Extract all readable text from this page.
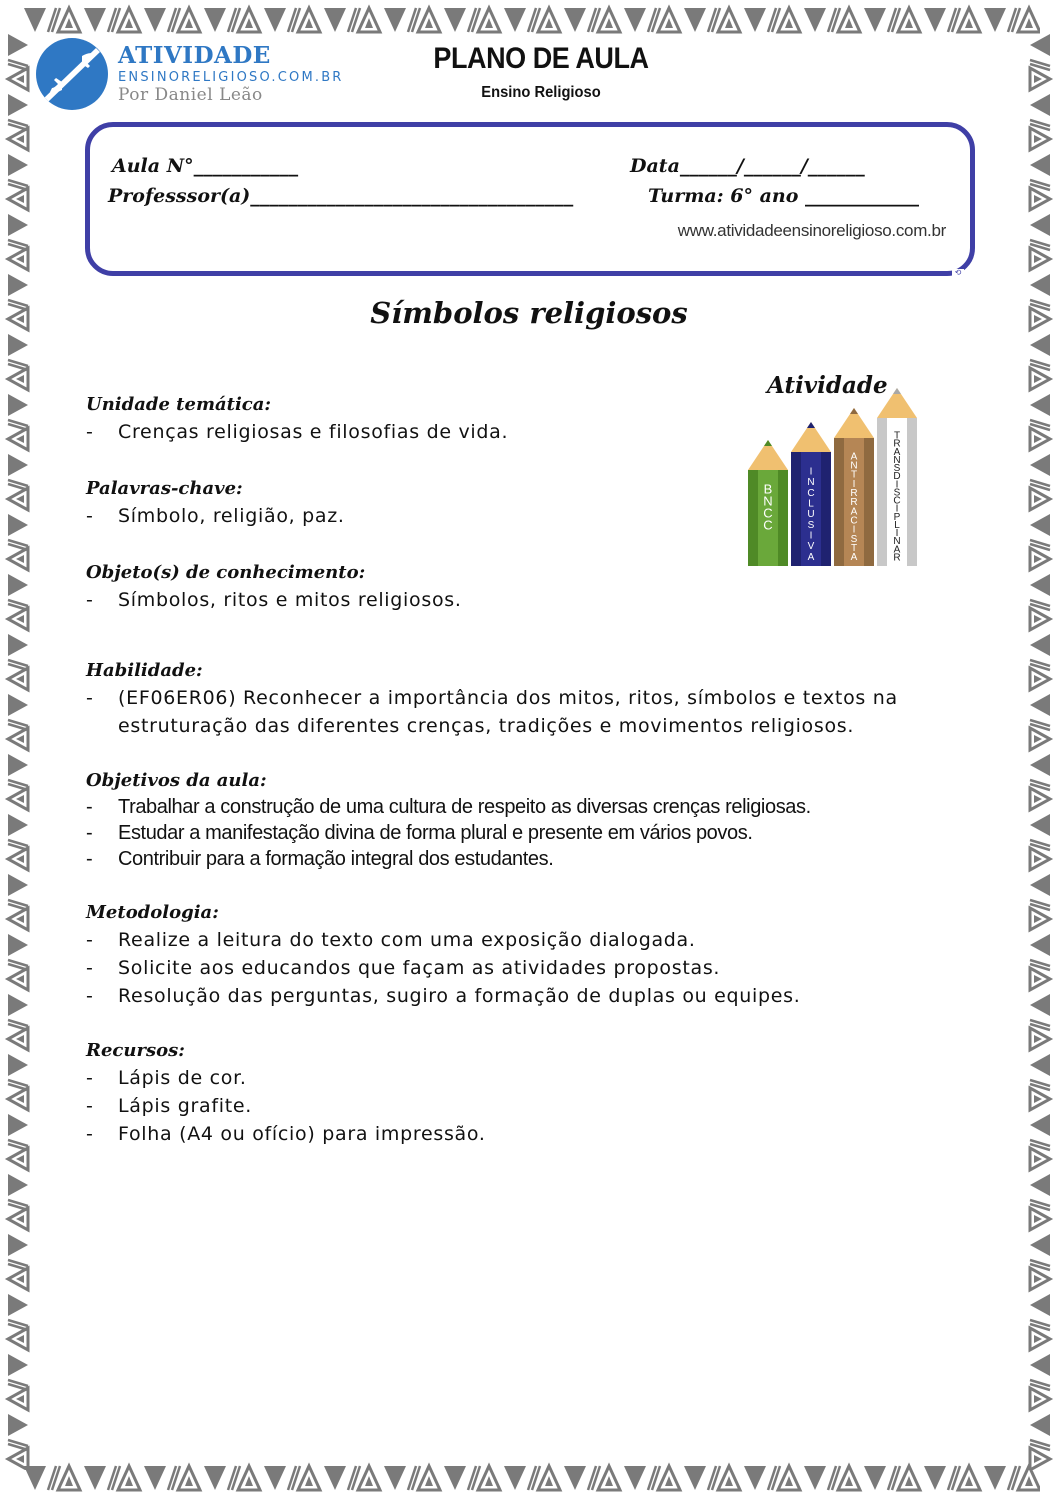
ATIVIDADE
ENSINORELIGIOSO.COM.BR
Por Daniel Leão
PLANO DE AULA
Ensino Religioso
Aula N°___________	Data______/______/______
Professsor(a)__________________________________	Turma: 6° ano ____________
www.atividadeensinoreligioso.com.br
⟲
Símbolos religiosos
B
N
C
C
I
N
C
L
U
S
I
V
A
A
N
T
I
R
R
A
C
I
S
T
A
T
R
A
N
S
D
I
S
C
I
P
L
I
N
A
R
Atividade
Unidade temática:
- Crenças religiosas e filosofias de vida.
Palavras-chave:
- Símbolo, religião, paz.
Objeto(s) de conhecimento:
- Símbolos, ritos e mitos religiosos.
Habilidade:
- (EF06ER06) Reconhecer a importância dos mitos, ritos, símbolos e textos na estruturação das diferentes crenças, tradições e movimentos religiosos.
Objetivos da aula:
- Trabalhar a construção de uma cultura de respeito as diversas crenças religiosas.
- Estudar a manifestação divina de forma plural e presente em vários povos.
- Contribuir para a formação integral dos estudantes.
Metodologia:
- Realize a leitura do texto com uma exposição dialogada.
- Solicite aos educandos que façam as atividades propostas.
- Resolução das perguntas, sugiro a formação de duplas ou equipes.
Recursos:
- Lápis de cor.
- Lápis grafite.
- Folha (A4 ou ofício) para impressão.
